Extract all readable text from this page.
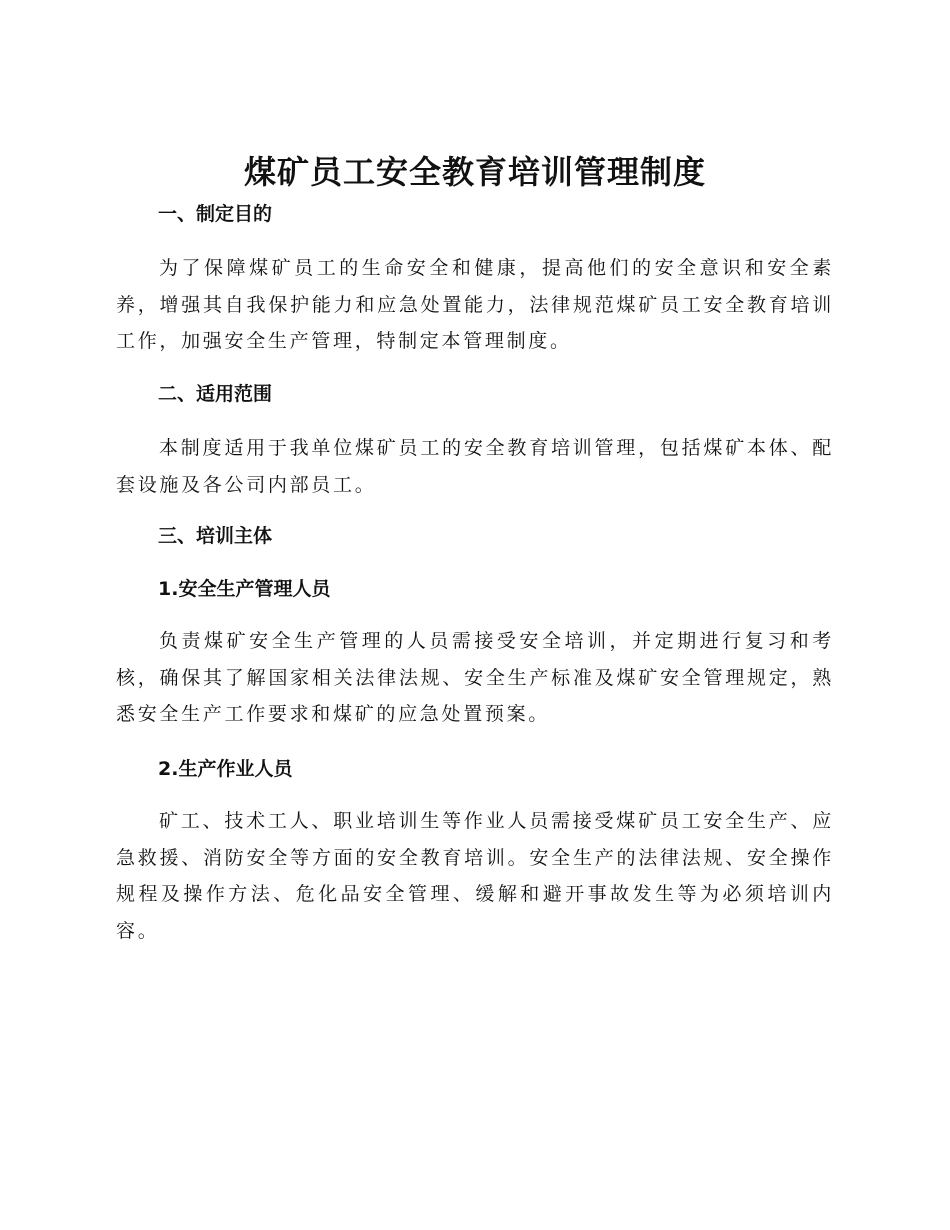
煤矿员工安全教育培训管理制度
一、制定目的

为了保障煤矿员工的生命安全和健康，提高他们的安全意识和安全素养，增强其自我保护能力和应急处置能力，法律规范煤矿员工安全教育培训工作，加强安全生产管理，特制定本管理制度。

二、适用范围

本制度适用于我单位煤矿员工的安全教育培训管理，包括煤矿本体、配套设施及各公司内部员工。

三、培训主体
1.安全生产管理人员

负责煤矿安全生产管理的人员需接受安全培训，并定期进行复习和考核，确保其了解国家相关法律法规、安全生产标准及煤矿安全管理规定，熟悉安全生产工作要求和煤矿的应急处置预案。

2.生产作业人员

矿工、技术工人、职业培训生等作业人员需接受煤矿员工安全生产、应急救援、消防安全等方面的安全教育培训。安全生产的法律法规、安全操作规程及操作方法、危化品安全管理、缓解和避开事故发生等为必须培训内容。
